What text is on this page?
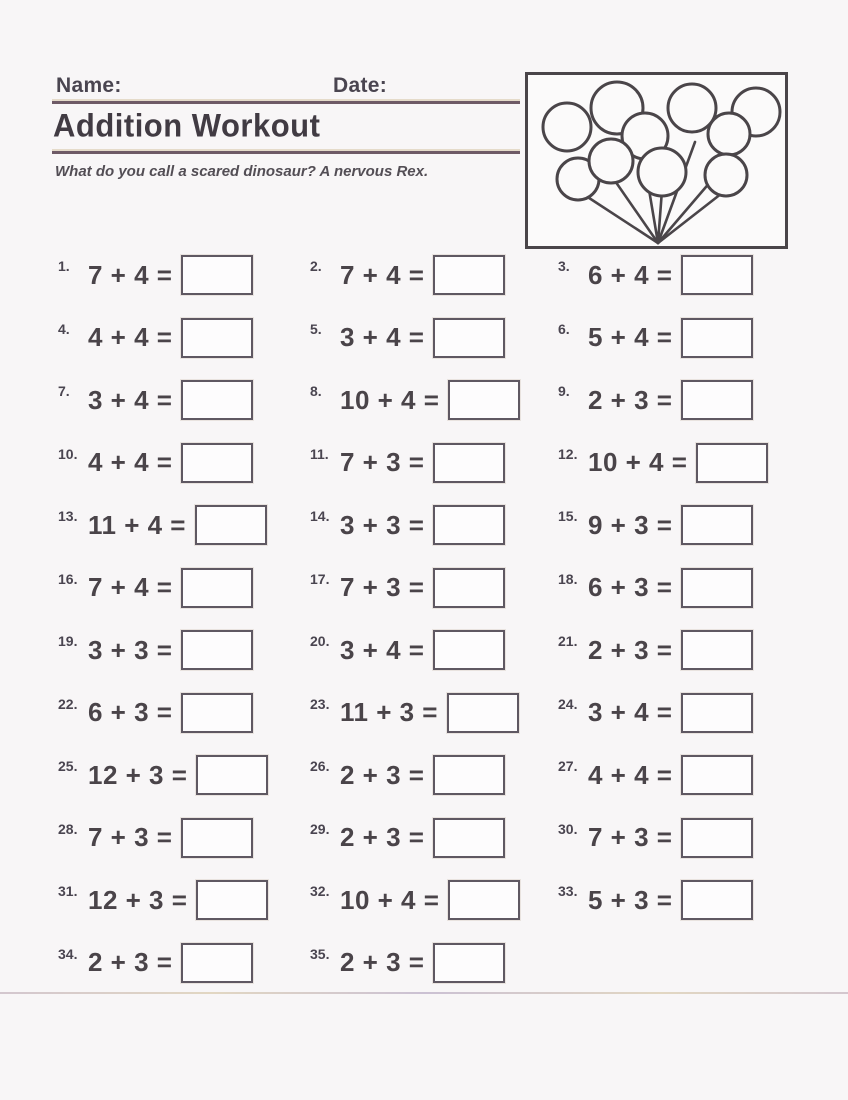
Name:	Date:
Addition Workout
What do you call a scared dinosaur? A nervous Rex.
1. 7 + 4 =	2. 7 + 4 =	3. 6 + 4 =
4. 4 + 4 =	5. 3 + 4 =	6. 5 + 4 =
7. 3 + 4 =	8. 10 + 4 =	9. 2 + 3 =
10. 4 + 4 =	11. 7 + 3 =	12. 10 + 4 =
13. 11 + 4 =	14. 3 + 3 =	15. 9 + 3 =
16. 7 + 4 =	17. 7 + 3 =	18. 6 + 3 =
19. 3 + 3 =	20. 3 + 4 =	21. 2 + 3 =
22. 6 + 3 =	23. 11 + 3 =	24. 3 + 4 =
25. 12 + 3 =	26. 2 + 3 =	27. 4 + 4 =
28. 7 + 3 =	29. 2 + 3 =	30. 7 + 3 =
31. 12 + 3 =	32. 10 + 4 =	33. 5 + 3 =
34. 2 + 3 =	35. 2 + 3 =
